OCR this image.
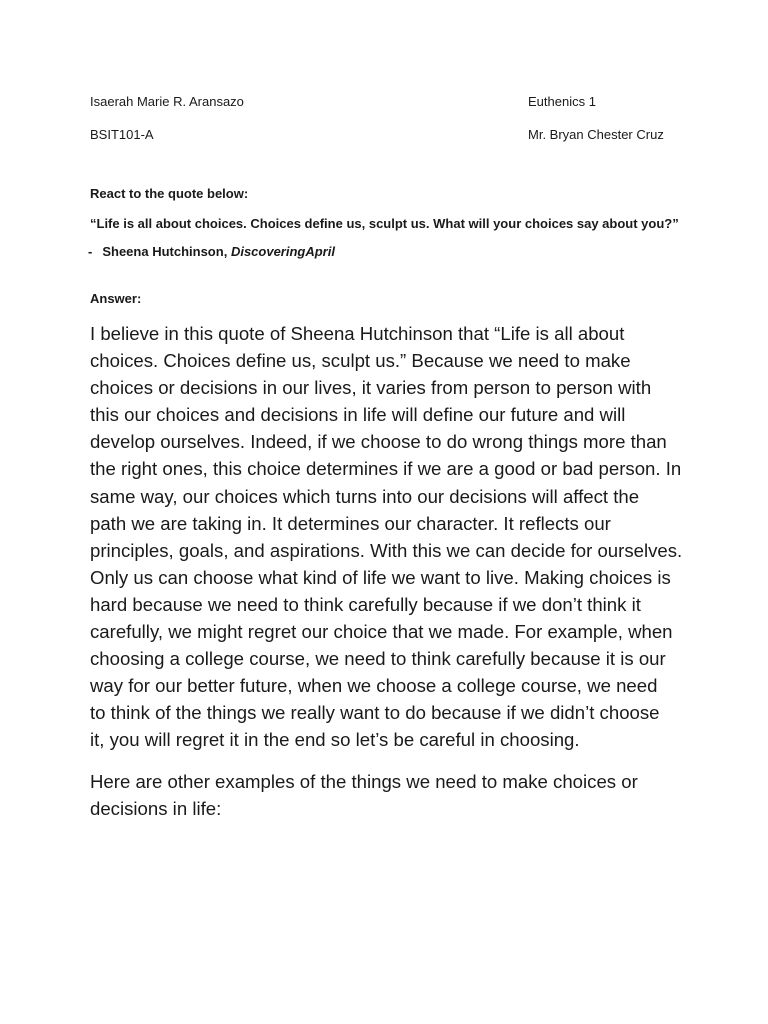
Isaerah Marie R. Aransazo	Euthenics 1
BSIT101-A	Mr. Bryan Chester Cruz
React to the quote below:
“Life is all about choices. Choices define us, sculpt us. What will your choices say about you?”
- Sheena Hutchinson, DiscoveringApril
Answer:

I believe in this quote of Sheena Hutchinson that “Life is all about
choices. Choices define us, sculpt us.” Because we need to make
choices or decisions in our lives, it varies from person to person with
this our choices and decisions in life will define our future and will
develop ourselves. Indeed, if we choose to do wrong things more than
the right ones, this choice determines if we are a good or bad person. In
same way, our choices which turns into our decisions will affect the
path we are taking in. It determines our character. It reflects our
principles, goals, and aspirations. With this we can decide for ourselves.
Only us can choose what kind of life we want to live. Making choices is
hard because we need to think carefully because if we don’t think it
carefully, we might regret our choice that we made. For example, when
choosing a college course, we need to think carefully because it is our
way for our better future, when we choose a college course, we need
to think of the things we really want to do because if we didn’t choose
it, you will regret it in the end so let’s be careful in choosing.

Here are other examples of the things we need to make choices or
decisions in life:
